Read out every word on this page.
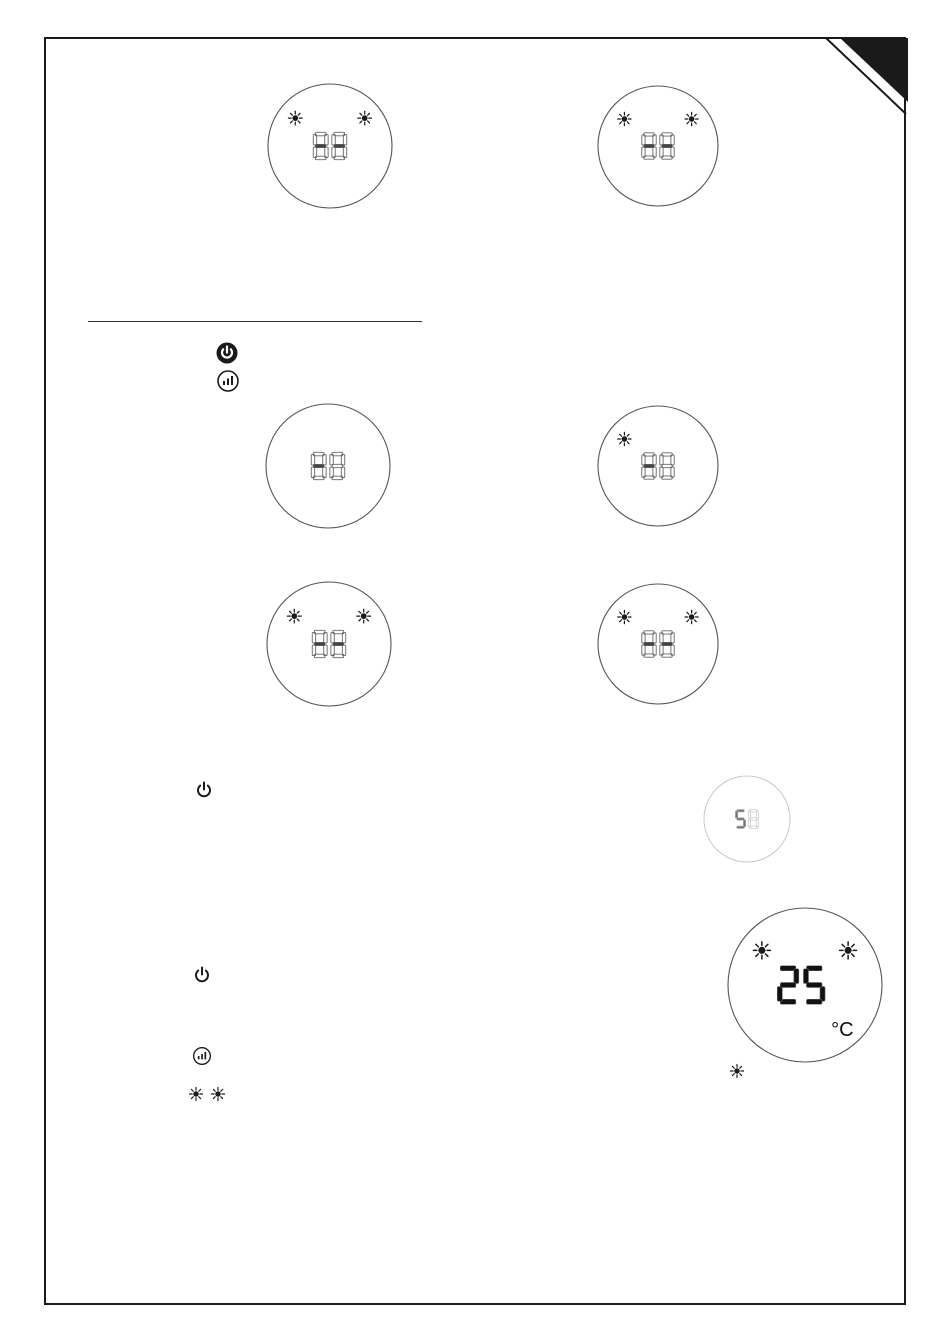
°C
